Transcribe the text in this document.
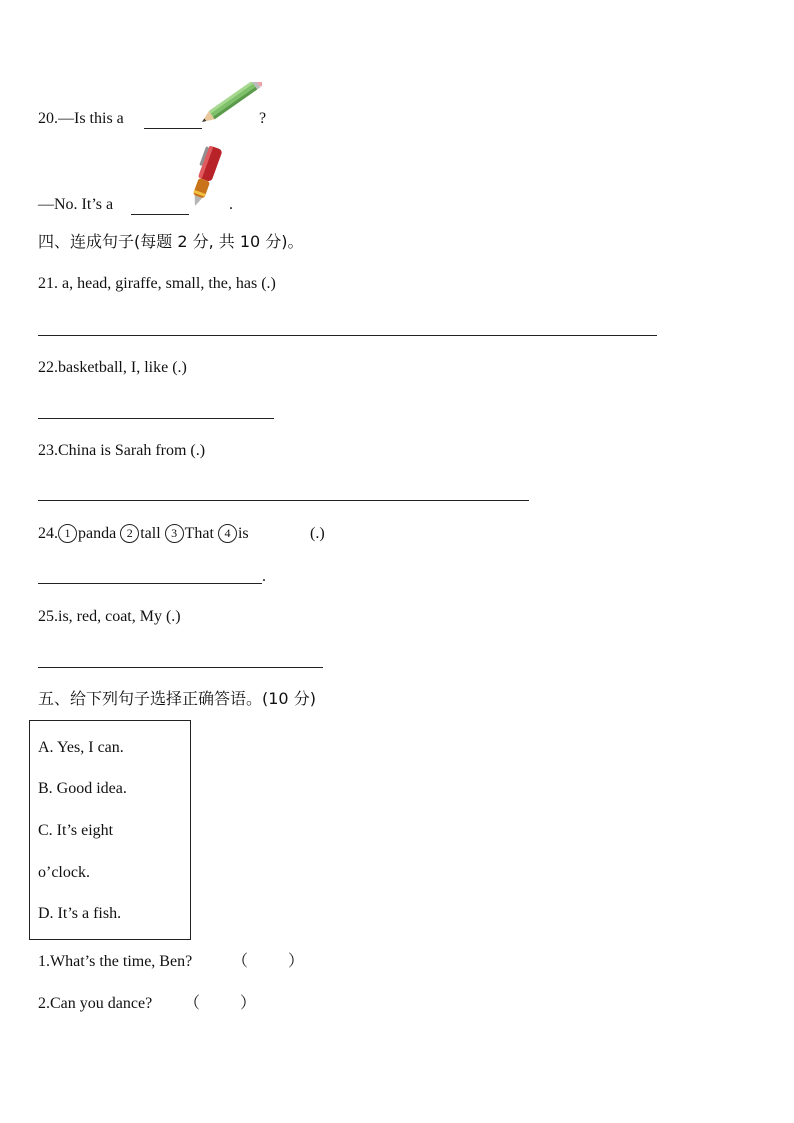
20.—Is this a	?
—No. It’s a	.
四、连成句子(每题 2 分, 共 10 分)。
21. a, head, giraffe, small, the, has (.)
22.basketball, I, like (.)
23.China is Sarah from (.)
24. 1 panda 2 tall 3 That 4 is	(.)
.
25.is, red, coat, My (.)
五、给下列句子选择正确答语。(10 分)
A. Yes, I can.
B. Good idea.
C. It’s eight
o’clock.
D. It’s a fish.
1.What’s the time, Ben? （ ）
2.Can you dance? （ ）
